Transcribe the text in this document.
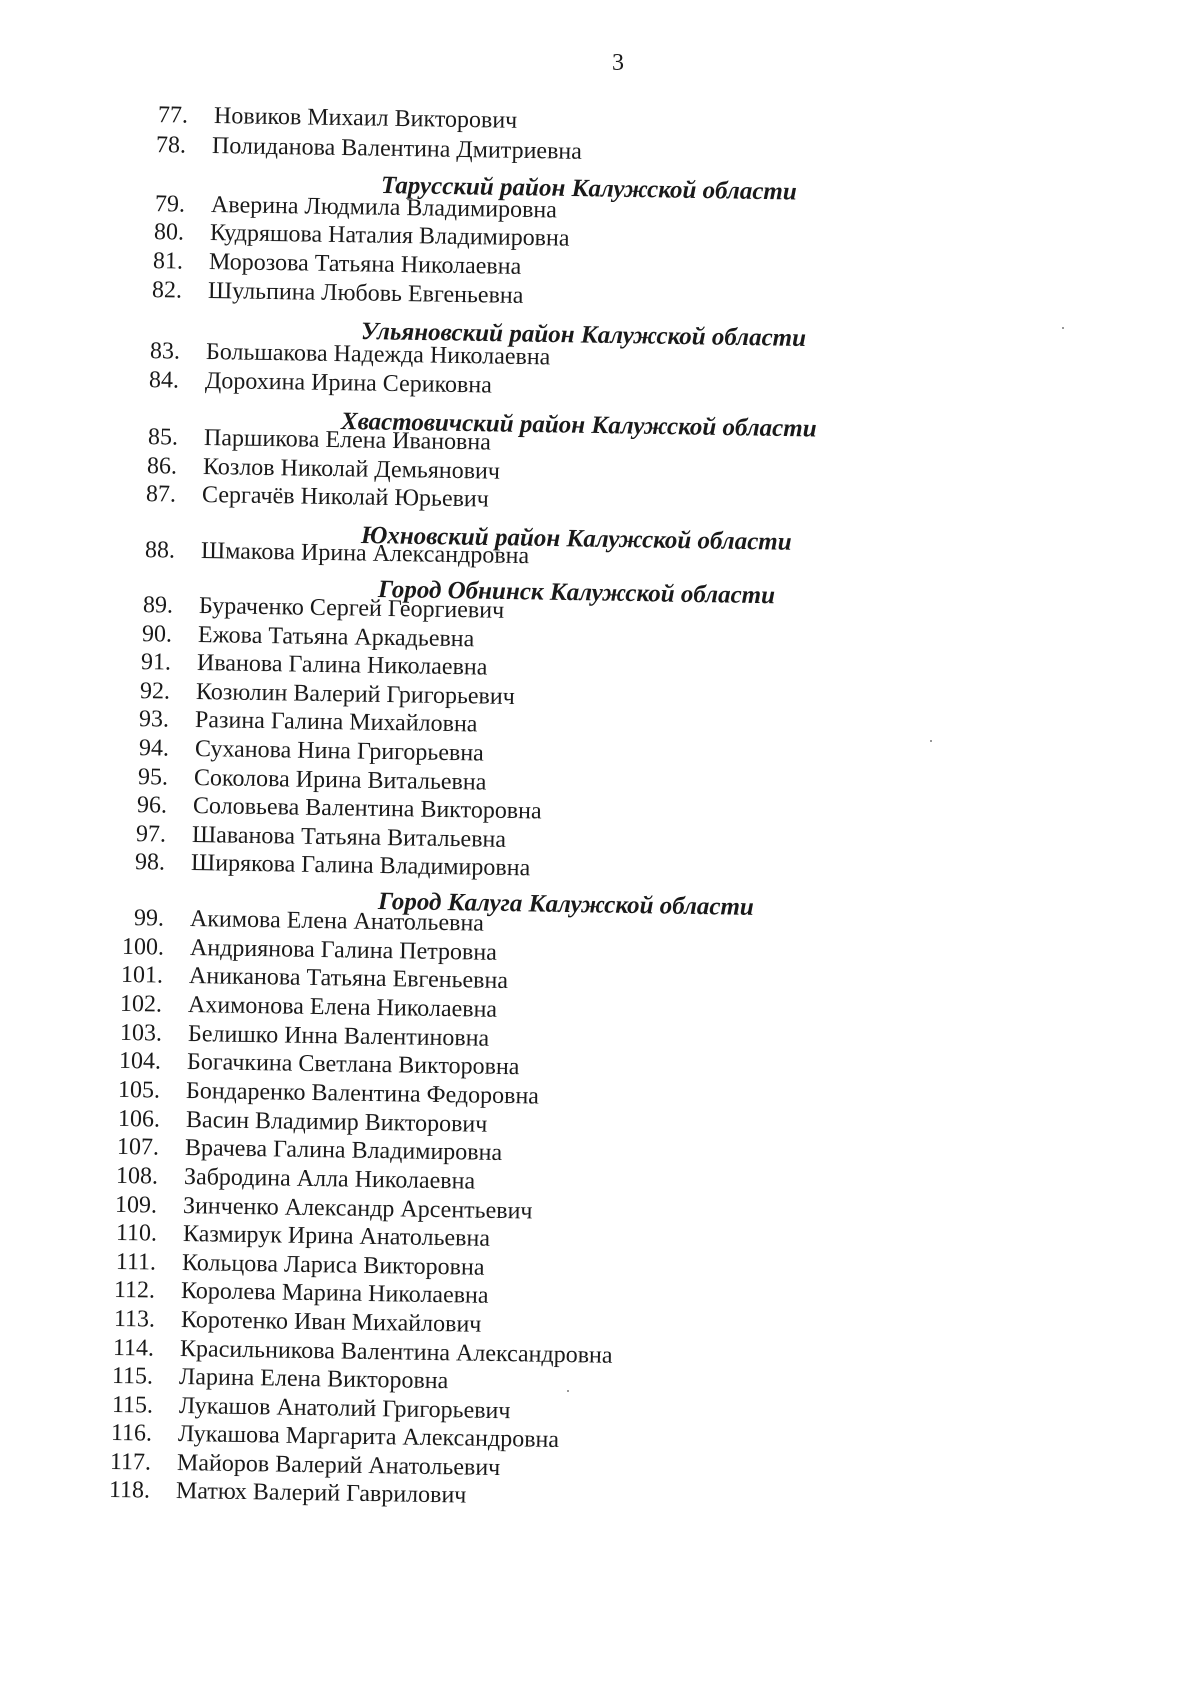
3
77. Новиков Михаил Викторович
78. Полиданова Валентина Дмитриевна
Тарусский район Калужской области
79. Аверина Людмила Владимировна
80. Кудряшова Наталия Владимировна
81. Морозова Татьяна Николаевна
82. Шульпина Любовь Евгеньевна
Ульяновский район Калужской области
83. Большакова Надежда Николаевна
84. Дорохина Ирина Сериковна
Хвастовичский район Калужской области
85. Паршикова Елена Ивановна
86. Козлов Николай Демьянович
87. Сергачёв Николай Юрьевич
Юхновский район Калужской области
88. Шмакова Ирина Александровна
Город Обнинск Калужской области
89. Бураченко Сергей Георгиевич
90. Ежова Татьяна Аркадьевна
91. Иванова Галина Николаевна
92. Козюлин Валерий Григорьевич
93. Разина Галина Михайловна
94. Суханова Нина Григорьевна
95. Соколова Ирина Витальевна
96. Соловьева Валентина Викторовна
97. Шаванова Татьяна Витальевна
98. Ширякова Галина Владимировна
Город Калуга Калужской области
99. Акимова Елена Анатольевна
100. Андриянова Галина Петровна
101. Аниканова Татьяна Евгеньевна
102. Ахимонова Елена Николаевна
103. Белишко Инна Валентиновна
104. Богачкина Светлана Викторовна
105. Бондаренко Валентина Федоровна
106. Васин Владимир Викторович
107. Врачева Галина Владимировна
108. Забродина Алла Николаевна
109. Зинченко Александр Арсентьевич
110. Казмирук Ирина Анатольевна
111. Кольцова Лариса Викторовна
112. Королева Марина Николаевна
113. Коротенко Иван Михайлович
114. Красильникова Валентина Александровна
115. Ларина Елена Викторовна
115. Лукашов Анатолий Григорьевич
116. Лукашова Маргарита Александровна
117. Майоров Валерий Анатольевич
118. Матюх Валерий Гаврилович
